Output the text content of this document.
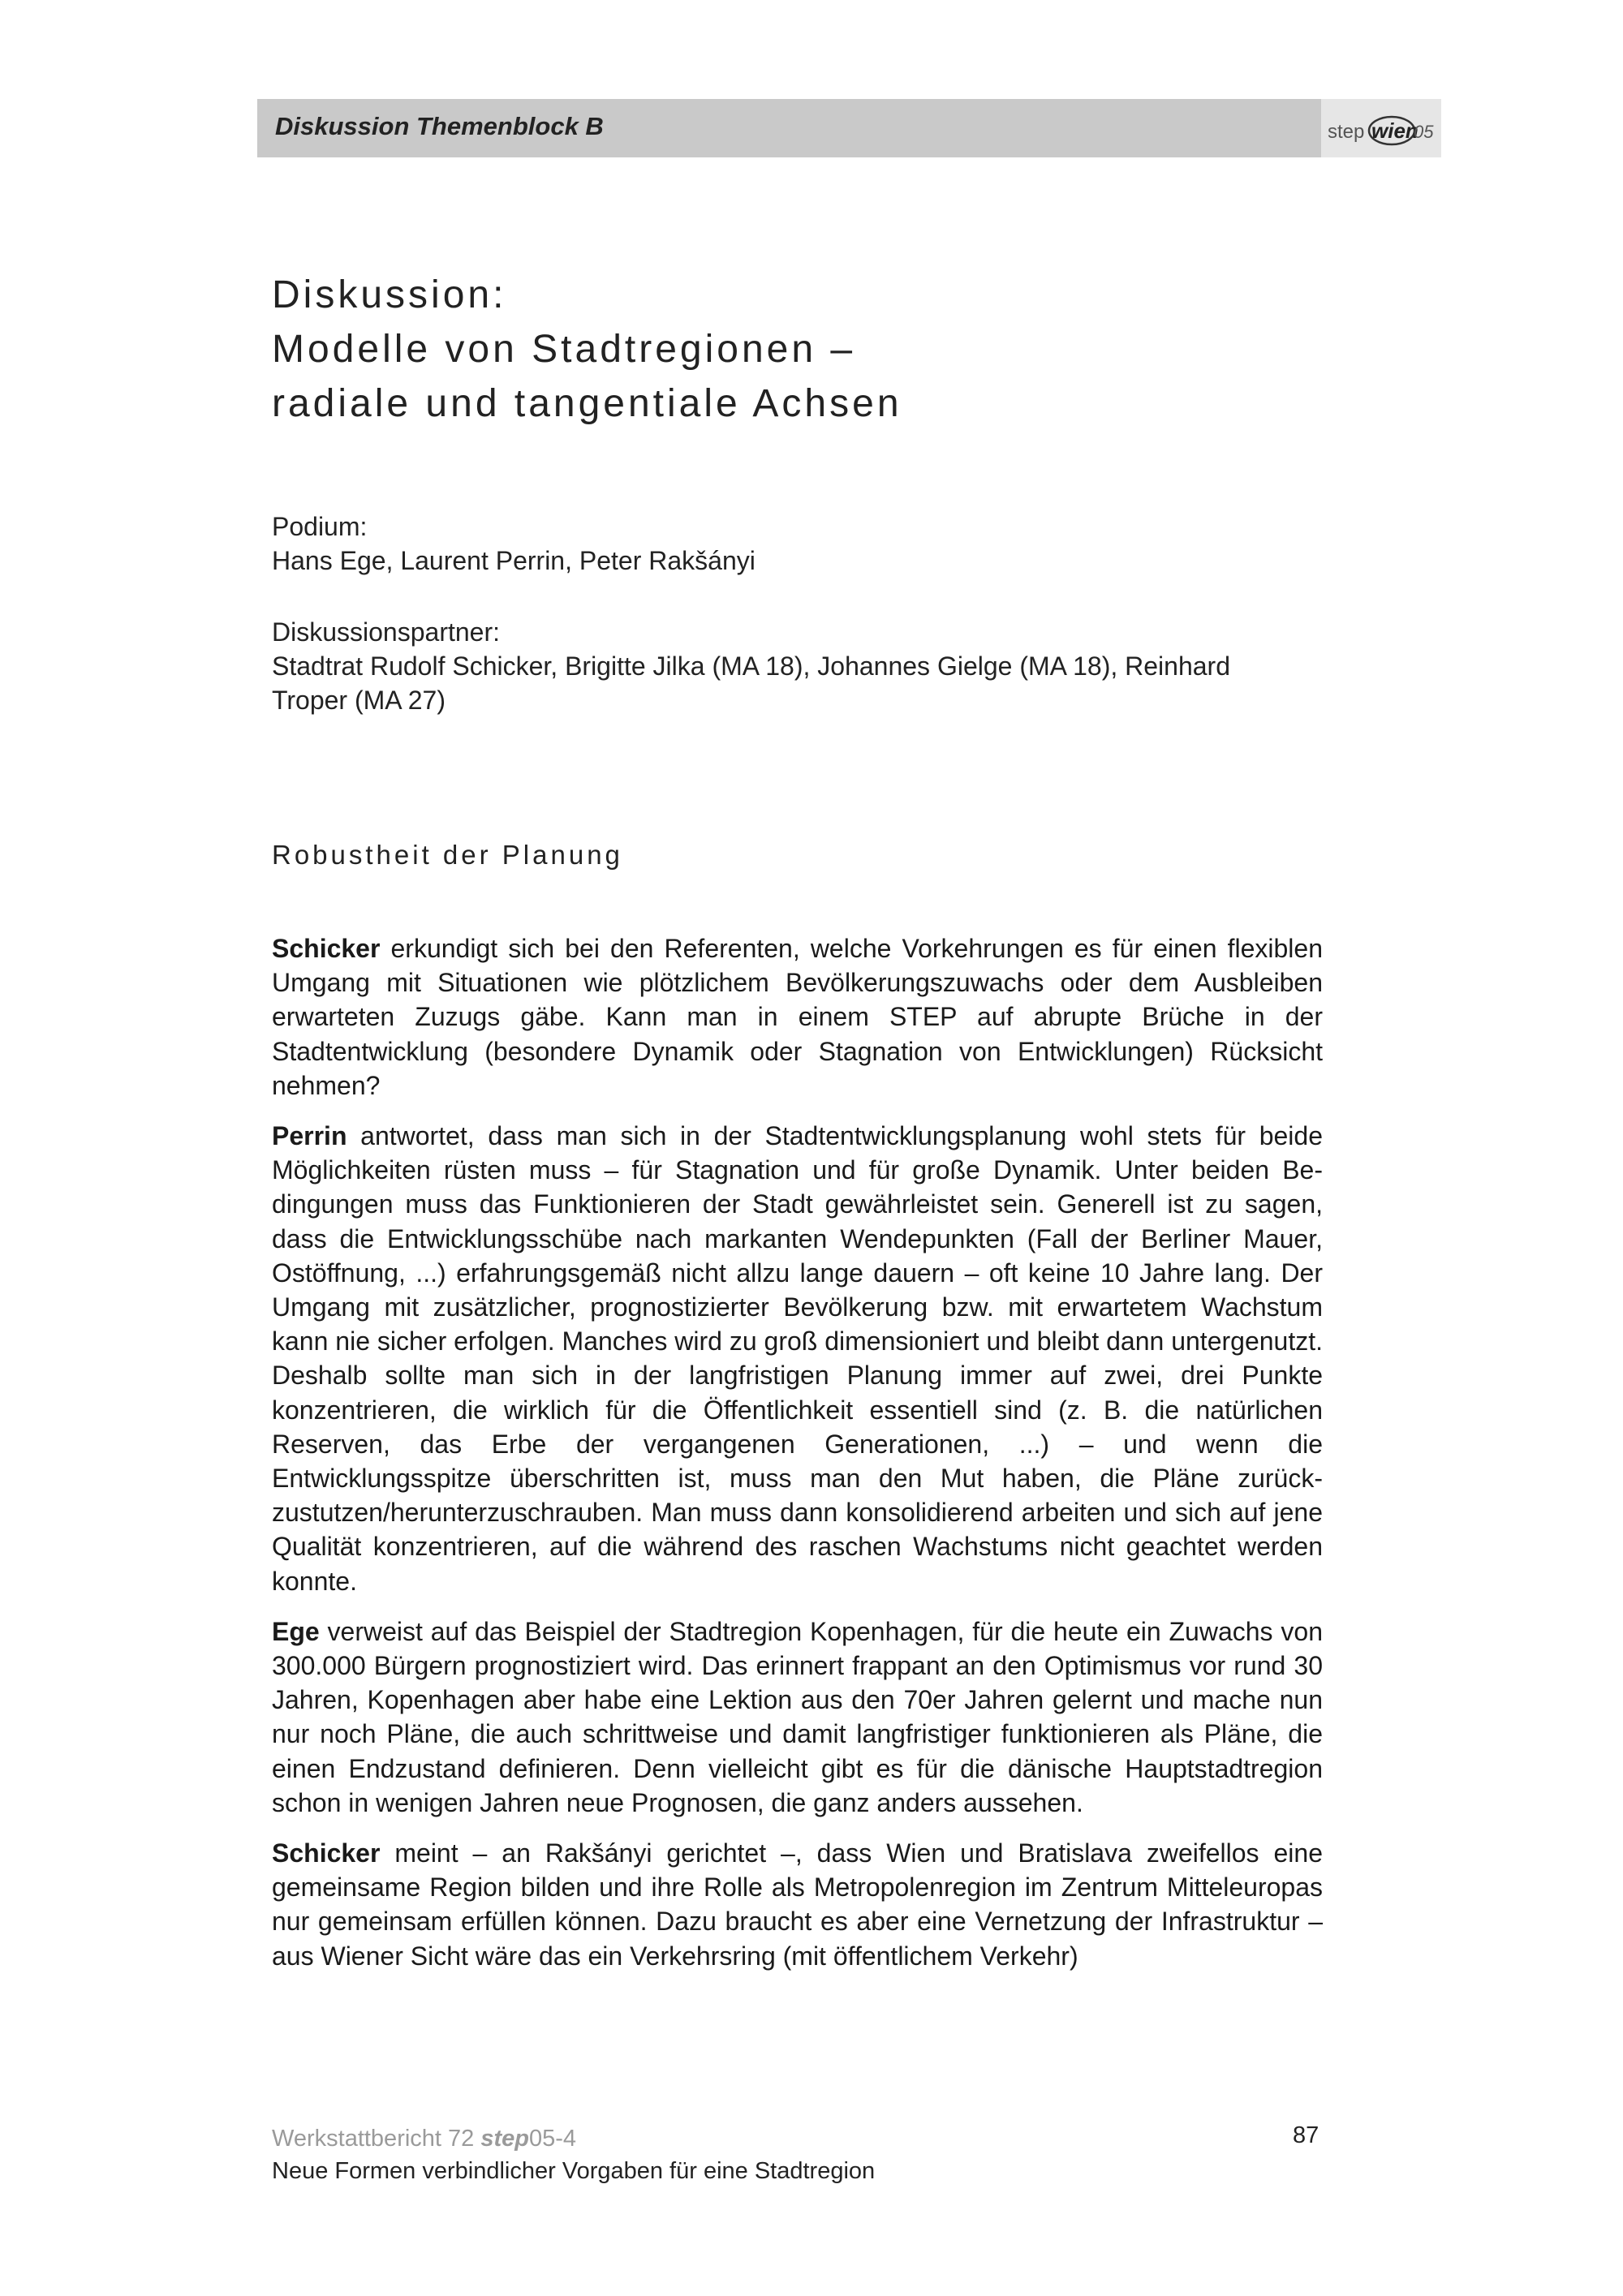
Diskussion Themenblock B	step wien
05
Diskussion:
Modelle von Stadtregionen –
radiale und tangentiale Achsen
Podium:
Hans Ege, Laurent Perrin, Peter Rakšányi
Diskussionspartner:
Stadtrat Rudolf Schicker, Brigitte Jilka (MA 18), Johannes Gielge (MA 18), Reinhard
Troper (MA 27)
Robustheit der Planung

Schicker erkundigt sich bei den Referenten, welche Vorkehrungen es für einen flexiblen Umgang mit Situationen wie plötzlichem Bevölkerungszuwachs oder dem Ausbleiben erwarteten Zuzugs gäbe. Kann man in einem STEP auf abrupte Brüche in der Stadtentwicklung (besondere Dynamik oder Stagnation von Entwicklungen) Rücksicht nehmen?

Perrin antwortet, dass man sich in der Stadtentwicklungsplanung wohl stets für beide Möglichkeiten rüsten muss – für Stagnation und für große Dynamik. Unter beiden Bedingungen muss das Funktionieren der Stadt gewährleistet sein. Generell ist zu sagen, dass die Entwicklungsschübe nach markanten Wendepunkten (Fall der Berliner Mauer, Ostöffnung, ...) erfahrungsgemäß nicht allzu lange dauern – oft keine 10 Jahre lang. Der Umgang mit zusätzlicher, prognostizierter Bevölkerung bzw. mit erwartetem Wachstum kann nie sicher erfolgen. Manches wird zu groß dimensioniert und bleibt dann untergenutzt. Deshalb sollte man sich in der langfristigen Planung immer auf zwei, drei Punkte konzentrieren, die wirklich für die Öffentlichkeit essentiell sind (z. B. die natürlichen Reserven, das Erbe der vergangenen Generationen, ...) – und wenn die Entwicklungsspitze überschritten ist, muss man den Mut haben, die Pläne zurückzustutzen/herunterzuschrauben. Man muss dann konsolidierend arbeiten und sich auf jene Qualität konzentrieren, auf die während des raschen Wachstums nicht geachtet werden konnte.

Ege verweist auf das Beispiel der Stadtregion Kopenhagen, für die heute ein Zuwachs von 300.000 Bürgern prognostiziert wird. Das erinnert frappant an den Optimismus vor rund 30 Jahren, Kopenhagen aber habe eine Lektion aus den 70er Jahren gelernt und mache nun nur noch Pläne, die auch schrittweise und damit langfristiger funktionieren als Pläne, die einen Endzustand definieren. Denn vielleicht gibt es für die dänische Hauptstadtregion schon in wenigen Jahren neue Prognosen, die ganz anders aussehen.

Schicker meint – an Rakšányi gerichtet –, dass Wien und Bratislava zweifellos eine gemeinsame Region bilden und ihre Rolle als Metropolenregion im Zentrum Mitteleuropas nur gemeinsam erfüllen können. Dazu braucht es aber eine Vernetzung der Infrastruktur – aus Wiener Sicht wäre das ein Verkehrsring (mit öffentlichem Verkehr)

Werkstattbericht 72 step05-4
Neue Formen verbindlicher Vorgaben für eine Stadtregion
87
